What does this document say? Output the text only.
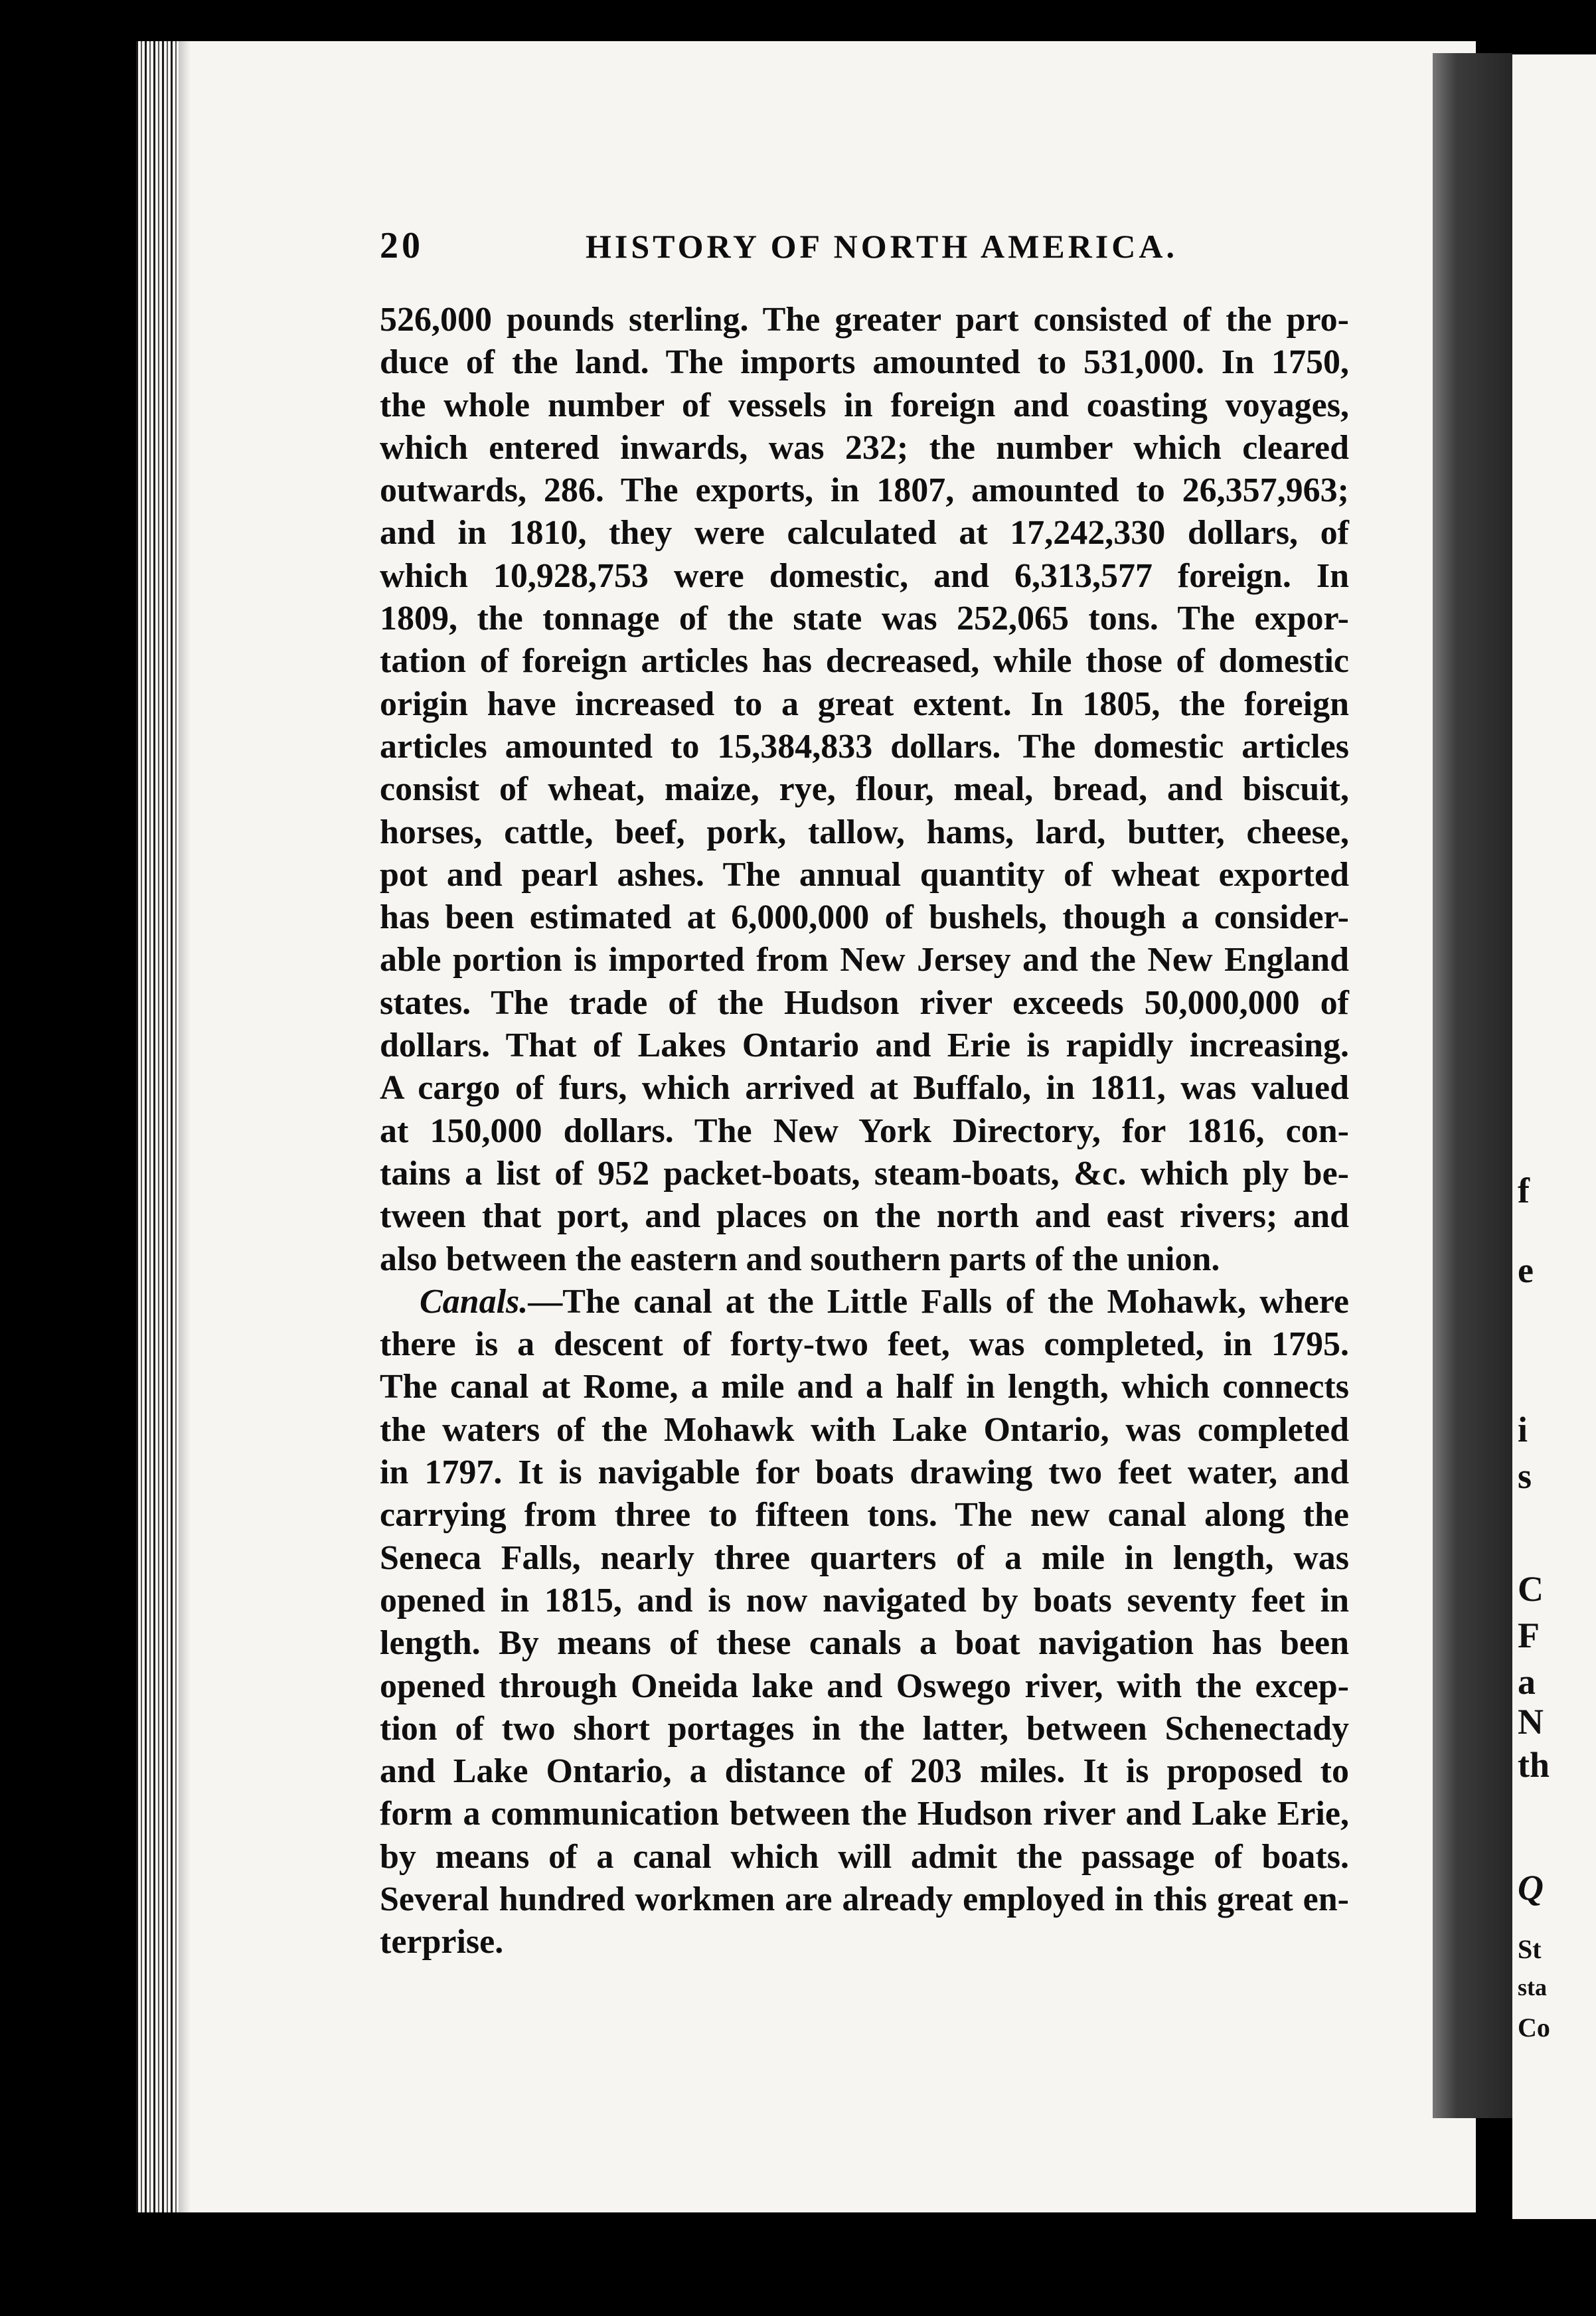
f
e
i
s
C
F
a
N
th
Q
St
sta
Co
20	HISTORY OF NORTH AMERICA.
526,000 pounds sterling. The greater part consisted of the pro-
duce of the land. The imports amounted to 531,000. In 1750,
the whole number of vessels in foreign and coasting voyages,
which entered inwards, was 232; the number which cleared
outwards, 286. The exports, in 1807, amounted to 26,357,963;
and in 1810, they were calculated at 17,242,330 dollars, of
which 10,928,753 were domestic, and 6,313,577 foreign. In
1809, the tonnage of the state was 252,065 tons. The expor-
tation of foreign articles has decreased, while those of domestic
origin have increased to a great extent. In 1805, the foreign
articles amounted to 15,384,833 dollars. The domestic articles
consist of wheat, maize, rye, flour, meal, bread, and biscuit,
horses, cattle, beef, pork, tallow, hams, lard, butter, cheese,
pot and pearl ashes. The annual quantity of wheat exported
has been estimated at 6,000,000 of bushels, though a consider-
able portion is imported from New Jersey and the New England
states. The trade of the Hudson river exceeds 50,000,000 of
dollars. That of Lakes Ontario and Erie is rapidly increasing.
A cargo of furs, which arrived at Buffalo, in 1811, was valued
at 150,000 dollars. The New York Directory, for 1816, con-
tains a list of 952 packet-boats, steam-boats, &c. which ply be-
tween that port, and places on the north and east rivers; and
also between the eastern and southern parts of the union.
Canals.—The canal at the Little Falls of the Mohawk, where
there is a descent of forty-two feet, was completed, in 1795.
The canal at Rome, a mile and a half in length, which connects
the waters of the Mohawk with Lake Ontario, was completed
in 1797. It is navigable for boats drawing two feet water, and
carrying from three to fifteen tons. The new canal along the
Seneca Falls, nearly three quarters of a mile in length, was
opened in 1815, and is now navigated by boats seventy feet in
length. By means of these canals a boat navigation has been
opened through Oneida lake and Oswego river, with the excep-
tion of two short portages in the latter, between Schenectady
and Lake Ontario, a distance of 203 miles. It is proposed to
form a communication between the Hudson river and Lake Erie,
by means of a canal which will admit the passage of boats.
Several hundred workmen are already employed in this great en-
terprise.
